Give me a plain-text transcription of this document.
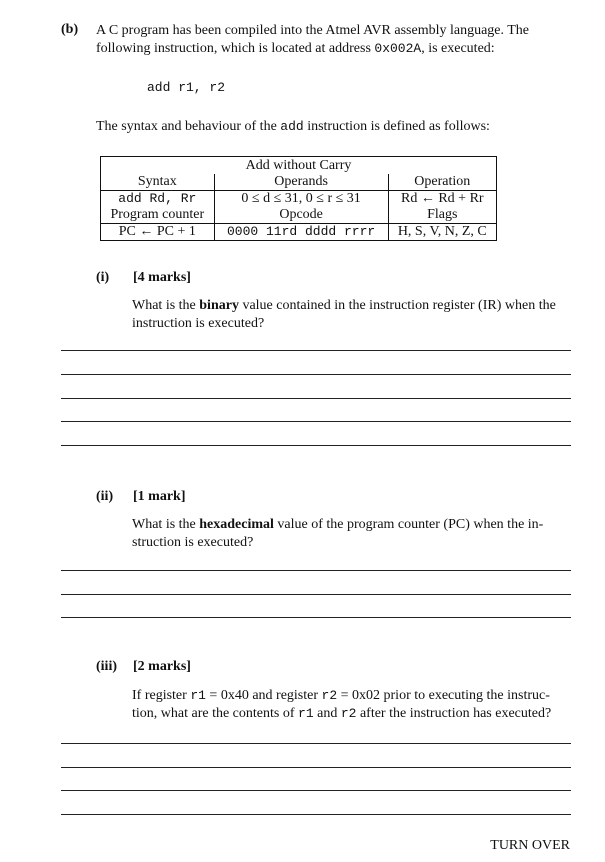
(b) A C program has been compiled into the Atmel AVR assembly language. The
following instruction, which is located at address 0x002A, is executed:
add r1, r2
The syntax and behaviour of the add instruction is defined as follows:
Add without Carry		
Syntax	Operands	Operation
add Rd, Rr	0 ≤ d ≤ 31, 0 ≤ r ≤ 31	Rd ← Rd + Rr
Program counter	Opcode	Flags
PC ← PC + 1	0000 11rd dddd rrrr	H, S, V, N, Z, C
(i) [4 marks]
What is the binary value contained in the instruction register (IR) when the
instruction is executed?
(ii) [1 mark]
What is the hexadecimal value of the program counter (PC) when the in-
struction is executed?
(iii) [2 marks]
If register r1 = 0x40 and register r2 = 0x02 prior to executing the instruc-
tion, what are the contents of r1 and r2 after the instruction has executed?
TURN OVER
